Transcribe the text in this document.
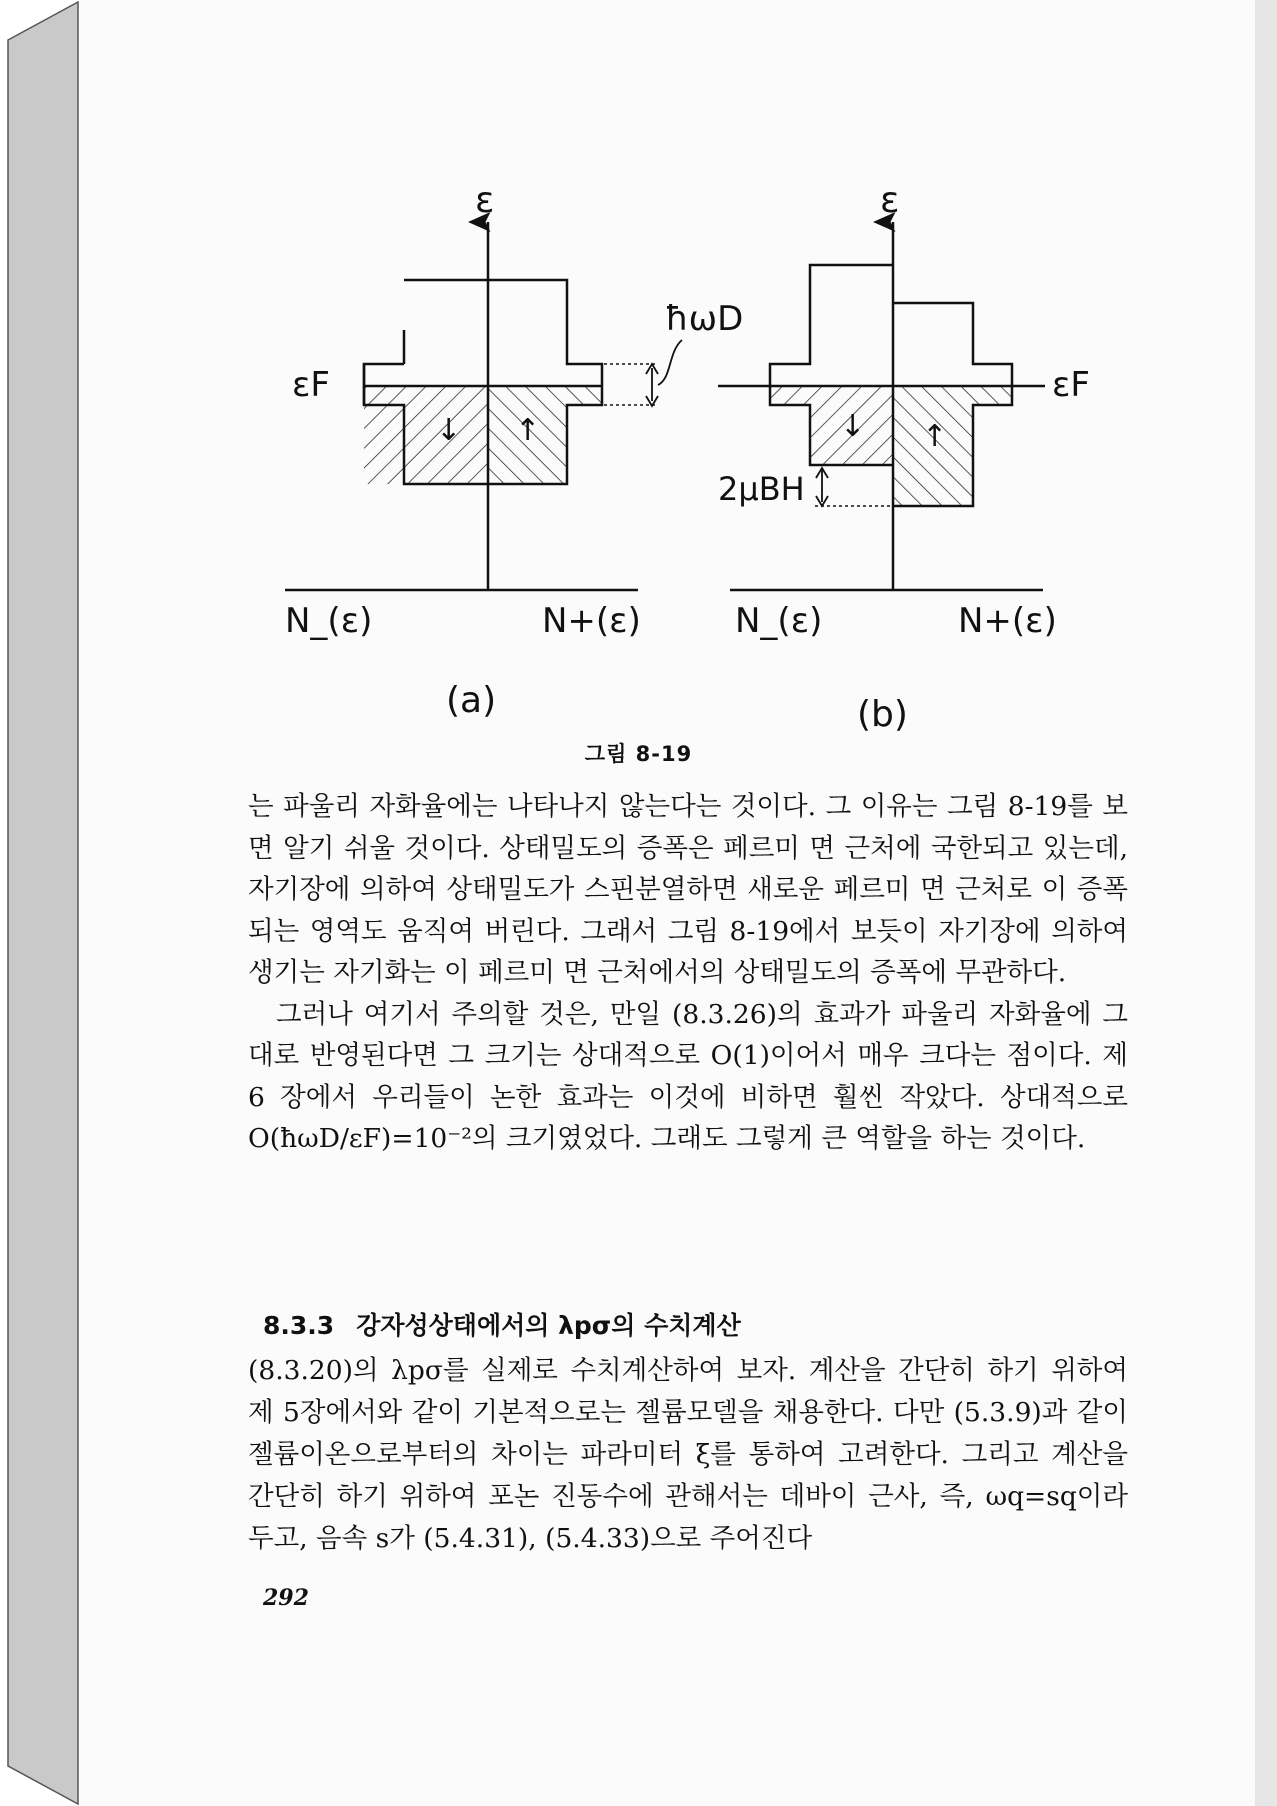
↓ ↑
ε
εF
ħωD
N_(ε)	N+(ε)
(a)
↓ ↑
ε
εF
2μBH
N_(ε)	N+(ε)
(b)
그림 8-19

는 파울리 자화율에는 나타나지 않는다는 것이다. 그 이유는 그림 8-19를 보면 알기 쉬울 것이다. 상태밀도의 증폭은 페르미 면 근처에 국한되고 있는데, 자기장에 의하여 상태밀도가 스핀분열하면 새로운 페르미 면 근처로 이 증폭되는 영역도 움직여 버린다. 그래서 그림 8-19에서 보듯이 자기장에 의하여 생기는 자기화는 이 페르미 면 근처에서의 상태밀도의 증폭에 무관하다.

그러나 여기서 주의할 것은, 만일 (8.3.26)의 효과가 파울리 자화율에 그대로 반영된다면 그 크기는 상대적으로 O(1)이어서 매우 크다는 점이다. 제 6 장에서 우리들이 논한 효과는 이것에 비하면 훨씬 작았다. 상대적으로 O(ħωD/εF)=10⁻²의 크기였었다. 그래도 그렇게 큰 역할을 하는 것이다.

8.3.3 강자성상태에서의 λpσ의 수치계산

(8.3.20)의 λpσ를 실제로 수치계산하여 보자. 계산을 간단히 하기 위하여 제 5장에서와 같이 기본적으로는 젤륨모델을 채용한다. 다만 (5.3.9)과 같이 젤륨이온으로부터의 차이는 파라미터 ξ를 통하여 고려한다. 그리고 계산을 간단히 하기 위하여 포논 진동수에 관해서는 데바이 근사, 즉, ωq=sq이라 두고, 음속 s가 (5.4.31), (5.4.33)으로 주어진다

292
